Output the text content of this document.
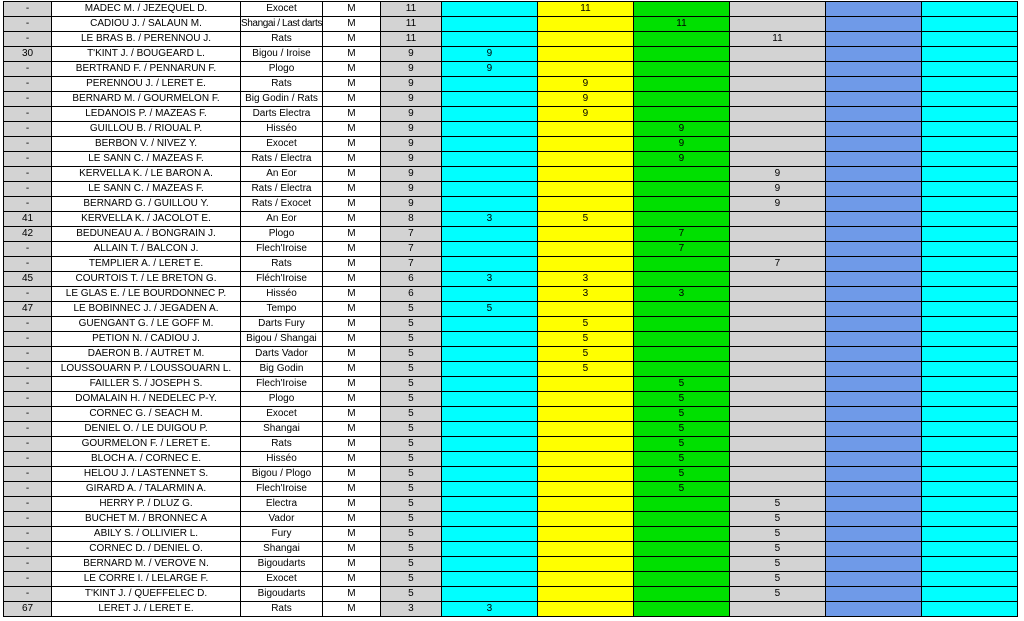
-	MADEC M. / JEZEQUEL D.	Exocet	M	11		11				
-	CADIOU J. / SALAUN M.	Shangai / Last darts	M	11			11			
-	LE BRAS B. / PERENNOU J.	Rats	M	11				11		
30	T'KINT J. / BOUGEARD L.	Bigou / Iroise	M	9	9					
-	BERTRAND F. / PENNARUN F.	Plogo	M	9	9					
-	PERENNOU J. / LERET E.	Rats	M	9		9				
-	BERNARD M. / GOURMELON F.	Big Godin / Rats	M	9		9				
-	LEDANOIS P. / MAZEAS F.	Darts Electra	M	9		9				
-	GUILLOU B. / RIOUAL P.	Hisséo	M	9			9			
-	BERBON V. / NIVEZ Y.	Exocet	M	9			9			
-	LE SANN C. / MAZEAS F.	Rats / Electra	M	9			9			
-	KERVELLA K. / LE BARON A.	An Eor	M	9				9		
-	LE SANN C. / MAZEAS F.	Rats / Electra	M	9				9		
-	BERNARD G. / GUILLOU Y.	Rats / Exocet	M	9				9		
41	KERVELLA K. / JACOLOT E.	An Eor	M	8	3	5				
42	BEDUNEAU A. / BONGRAIN J.	Plogo	M	7			7			
-	ALLAIN T. / BALCON J.	Flech'Iroise	M	7			7			
-	TEMPLIER A. / LERET E.	Rats	M	7				7		
45	COURTOIS T. / LE BRETON G.	Fléch'Iroise	M	6	3	3				
-	LE GLAS E. / LE BOURDONNEC P.	Hisséo	M	6		3	3			
47	LE BOBINNEC J. / JEGADEN A.	Tempo	M	5	5					
-	GUENGANT G. / LE GOFF M.	Darts Fury	M	5		5				
-	PETION N. / CADIOU J.	Bigou / Shangai	M	5		5				
-	DAERON B. / AUTRET M.	Darts Vador	M	5		5				
-	LOUSSOUARN P. / LOUSSOUARN L.	Big Godin	M	5		5				
-	FAILLER S. / JOSEPH S.	Flech'Iroise	M	5			5			
-	DOMALAIN H. / NEDELEC P-Y.	Plogo	M	5			5			
-	CORNEC G. / SEACH M.	Exocet	M	5			5			
-	DENIEL O. / LE DUIGOU P.	Shangai	M	5			5			
-	GOURMELON F. / LERET E.	Rats	M	5			5			
-	BLOCH A. / CORNEC E.	Hisséo	M	5			5			
-	HELOU J. / LASTENNET S.	Bigou / Plogo	M	5			5			
-	GIRARD A. / TALARMIN A.	Flech'Iroise	M	5			5			
-	HERRY P. / DLUZ G.	Electra	M	5				5		
-	BUCHET M. / BRONNEC A	Vador	M	5				5		
-	ABILY S. / OLLIVIER L.	Fury	M	5				5		
-	CORNEC D. / DENIEL O.	Shangai	M	5				5		
-	BERNARD M. / VEROVE N.	Bigoudarts	M	5				5		
-	LE CORRE I. / LELARGE F.	Exocet	M	5				5		
-	T'KINT J. / QUEFFELEC D.	Bigoudarts	M	5				5		
67	LERET J. / LERET E.	Rats	M	3	3					
